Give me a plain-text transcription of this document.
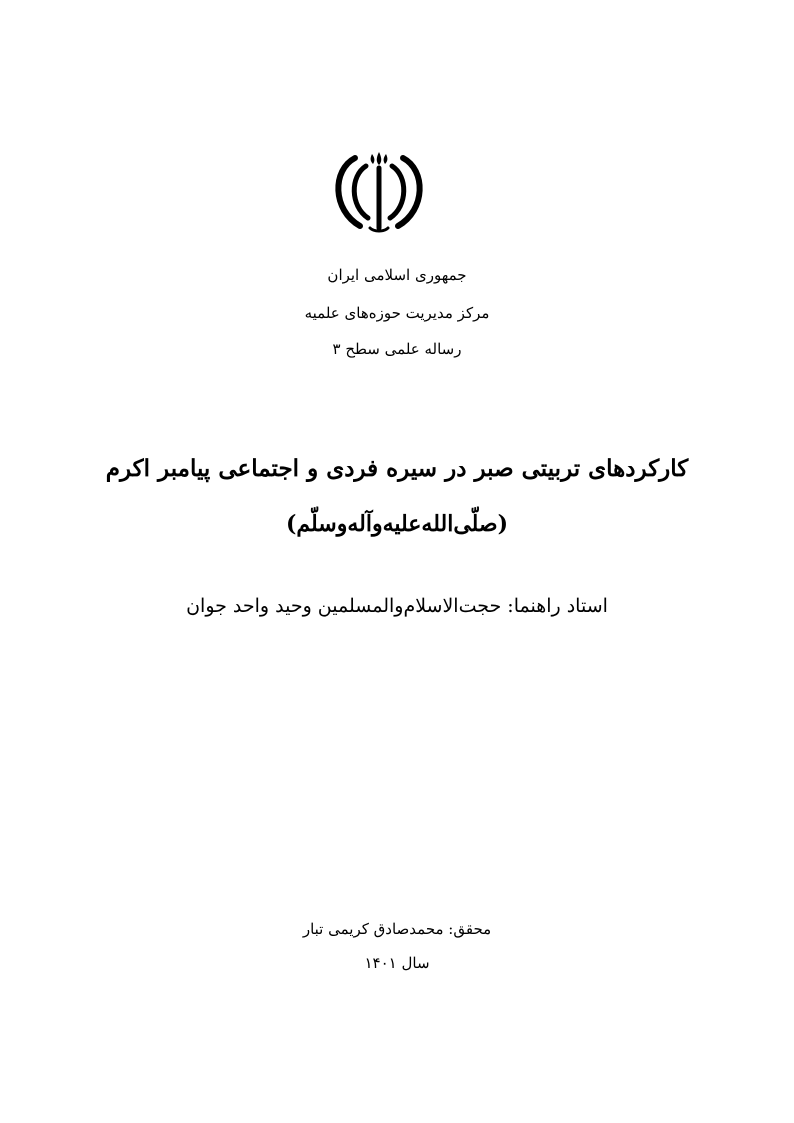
جمهوری اسلامی ایران
مرکز مدیریت حوزه‌های علمیه
رساله علمی سطح ۳
کارکردهای تربیتی صبر در سیره فردی و اجتماعی پیامبر اکرم
(صلّی‌الله‌علیه‌وآله‌وسلّم)
استاد راهنما: حجت‌الاسلام‌والمسلمین وحید واحد جوان
محقق: محمدصادق کریمی تبار
سال ۱۴۰۱
